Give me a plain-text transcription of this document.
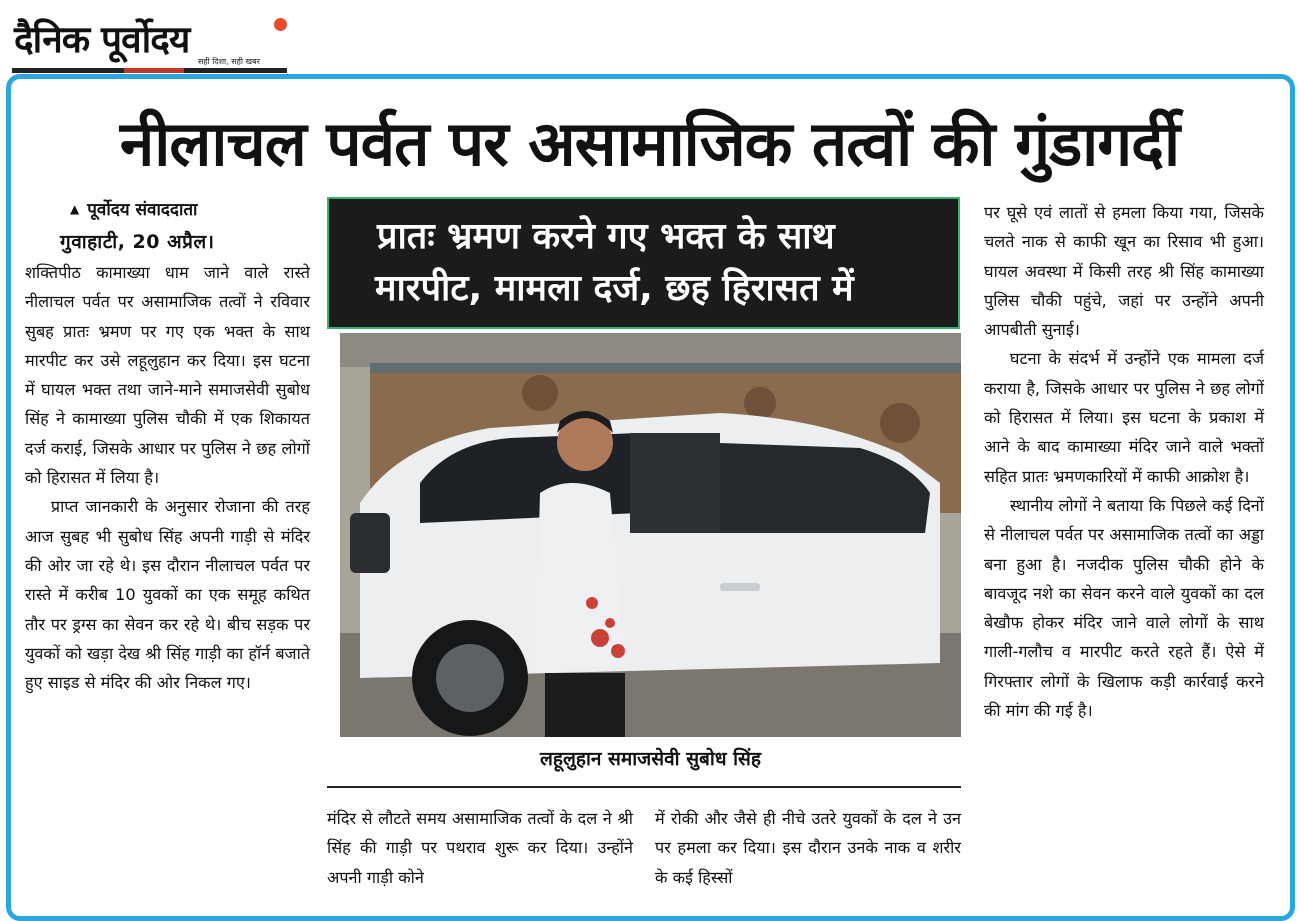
दैनिक पूर्वोदय
सही दिशा, सही खबर
नीलाचल पर्वत पर असामाजिक तत्वों की गुंडागर्दी
▲ पूर्वोदय संवाददाता
गुवाहाटी, 20 अप्रैल।

शक्तिपीठ कामाख्या धाम जाने वाले रास्ते नीलाचल पर्वत पर असामाजिक तत्वों ने रविवार सुबह प्रातः भ्रमण पर गए एक भक्त के साथ मारपीट कर उसे लहूलुहान कर दिया। इस घटना में घायल भक्त तथा जाने-माने समाजसेवी सुबोध सिंह ने कामाख्या पुलिस चौकी में एक शिकायत दर्ज कराई, जिसके आधार पर पुलिस ने छह लोगों को हिरासत में लिया है।

प्राप्त जानकारी के अनुसार रोजाना की तरह आज सुबह भी सुबोध सिंह अपनी गाड़ी से मंदिर की ओर जा रहे थे। इस दौरान नीलाचल पर्वत पर रास्ते में करीब 10 युवकों का एक समूह कथित तौर पर ड्रग्स का सेवन कर रहे थे। बीच सड़क पर युवकों को खड़ा देख श्री सिंह गाड़ी का हॉर्न बजाते हुए साइड से मंदिर की ओर निकल गए।

प्रातः भ्रमण करने गए भक्त के साथ
मारपीट, मामला दर्ज, छह हिरासत में
लहूलुहान समाजसेवी सुबोध सिंह

मंदिर से लौटते समय असामाजिक तत्वों के दल ने श्री सिंह की गाड़ी पर पथराव शुरू कर दिया। उन्होंने अपनी गाड़ी कोने

में रोकी और जैसे ही नीचे उतरे युवकों के दल ने उन पर हमला कर दिया। इस दौरान उनके नाक व शरीर के कई हिस्सों

पर घूसे एवं लातों से हमला किया गया, जिसके चलते नाक से काफी खून का रिसाव भी हुआ। घायल अवस्था में किसी तरह श्री सिंह कामाख्या पुलिस चौकी पहुंचे, जहां पर उन्होंने अपनी आपबीती सुनाई।

घटना के संदर्भ में उन्होंने एक मामला दर्ज कराया है, जिसके आधार पर पुलिस ने छह लोगों को हिरासत में लिया। इस घटना के प्रकाश में आने के बाद कामाख्या मंदिर जाने वाले भक्तों सहित प्रातः भ्रमणकारियों में काफी आक्रोश है।

स्थानीय लोगों ने बताया कि पिछले कई दिनों से नीलाचल पर्वत पर असामाजिक तत्वों का अड्डा बना हुआ है। नजदीक पुलिस चौकी होने के बावजूद नशे का सेवन करने वाले युवकों का दल बेखौफ होकर मंदिर जाने वाले लोगों के साथ गाली-गलौच व मारपीट करते रहते हैं। ऐसे में गिरफ्तार लोगों के खिलाफ कड़ी कार्रवाई करने की मांग की गई है।
